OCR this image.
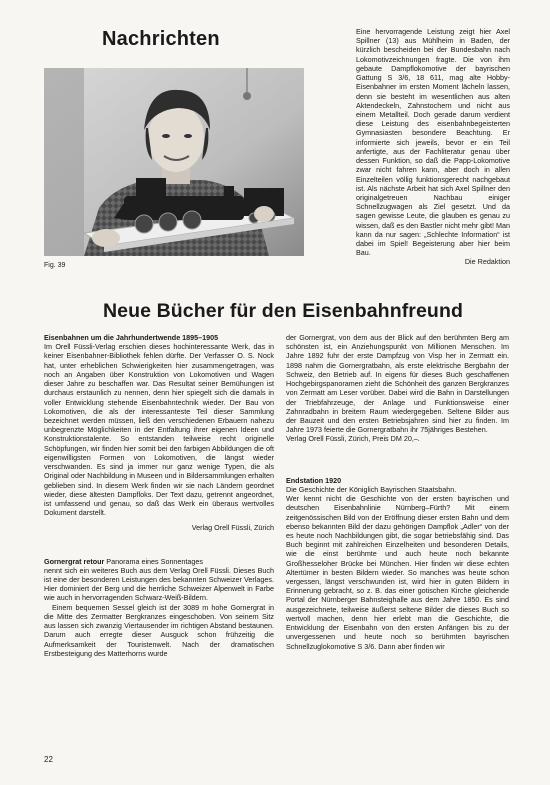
Nachrichten
Fig. 39

Eine hervorragende Leistung zeigt hier Axel Spillner (13) aus Mühlheim in Baden, der kürzlich bescheiden bei der Bundesbahn nach Lokomotivzeichnungen fragte. Die von ihm gebaute Dampflokomotive der bayrischen Gattung S 3/6, 18 611, mag alte Hobby-Eisenbahner im ersten Moment lächeln lassen, denn sie besteht im wesentlichen aus alten Aktendeckeln, Zahnstochern und nicht aus einem Metallteil. Doch gerade darum verdient diese Leistung des eisenbahnbegeisterten Gymnasiasten besondere Beachtung. Er informierte sich jeweils, bevor er ein Teil anfertigte, aus der Fachliteratur genau über dessen Funktion, so daß die Papp-Lokomotive zwar nicht fahren kann, aber doch in allen Einzelteilen völlig funktionsgerecht nachgebaut ist. Als nächste Arbeit hat sich Axel Spillner den originalgetreuen Nachbau einiger Schnellzugwagen als Ziel gesetzt. Und da sagen gewisse Leute, die glauben es genau zu wissen, daß es den Bastler nicht mehr gibt! Man kann da nur sagen: „Schlechte Information“ ist dabei im Spiel! Begeisterung aber hier beim Bau.

Die Redaktion

Neue Bücher für den Eisenbahnfreund

Eisenbahnen um die Jahrhundertwende 1895–1905

Im Orell Füssli-Verlag erschien dieses hochinteressante Werk, das in keiner Eisenbahner-Bibliothek fehlen dürfte. Der Verfasser O. S. Nock hat, unter erheblichen Schwierigkeiten hier zusammengetragen, was noch an Angaben über Konstruktion von Lokomotiven und Wagen dieser Jahre zu beschaffen war. Das Resultat seiner Bemühungen ist durchaus erstaunlich zu nennen, denn hier spiegelt sich die damals in voller Entwicklung stehende Eisenbahntechnik wieder. Der Bau von Lokomotiven, die als der interessanteste Teil dieser Sammlung bezeichnet werden müssen, ließ den verschiedenen Erbauern nahezu unbegrenzte Möglichkeiten in der Entfaltung ihrer eigenen Ideen und Konstruktionstalente. So entstanden teilweise recht originelle Schöpfungen, wir finden hier somit bei den farbigen Abbildungen die oft eigenwilligsten Formen von Lokomotiven, die längst wieder verschwanden. Es sind ja immer nur ganz wenige Typen, die als Original oder Nachbildung in Museen und in Bildersammlungen erhalten geblieben sind. In diesem Werk finden wir sie nach Ländern geordnet wieder, diese ältesten Dampfloks. Der Text dazu, getrennt angeordnet, ist umfassend und genau, so daß das Werk ein überaus wertvolles Dokument darstellt.

Verlag Orell Füssli, Zürich

Gornergrat retour Panorama eines Sonnentages

nennt sich ein weiteres Buch aus dem Verlag Orell Füssli. Dieses Buch ist eine der besonderen Leistungen des bekannten Schweizer Verlages. Hier dominiert der Berg und die herrliche Schweizer Alpenwelt in Farbe wie auch in hervorragenden Schwarz-Weiß-Bildern.

Einem bequemen Sessel gleich ist der 3089 m hohe Gornergrat in die Mitte des Zermatter Bergkranzes eingeschoben. Von seinem Sitz aus lassen sich zwanzig Viertausender im richtigen Abstand bestaunen. Darum auch erregte dieser Ausguck schon frühzeitig die Aufmerksamkeit der Touristenwelt. Nach der dramatischen Erstbesteigung des Matterhorns wurde

der Gornergrat, von dem aus der Blick auf den berühmten Berg am schönsten ist, ein Anziehungspunkt von Millionen Menschen. Im Jahre 1892 fuhr der erste Dampfzug von Visp her in Zermatt ein. 1898 nahm die Gornergratbahn, als erste elektrische Bergbahn der Schweiz, den Betrieb auf. In eigens für dieses Buch geschaffenen Hochgebirgspanoramen zieht die Schönheit des ganzen Bergkranzes von Zermatt am Leser vorüber. Dabei wird die Bahn in Darstellungen der Triebfahrzeuge, der Anlage und Funktionsweise einer Zahnradbahn in breitem Raum wiedergegeben. Seltene Bilder aus der Bauzeit und den ersten Betriebsjahren sind hier zu finden. Im Jahre 1973 feierte die Gornergratbahn ihr 75jähriges Bestehen.

Verlag Orell Füssli, Zürich, Preis DM 20,–.

Endstation 1920

Die Geschichte der Königlich Bayrischen Staatsbahn.

Wer kennt nicht die Geschichte von der ersten bayrischen und deutschen Eisenbahnlinie Nürnberg–Fürth? Mit einem zeitgenössischen Bild von der Eröffnung dieser ersten Bahn und dem ebenso bekannten Bild der dazu gehörigen Dampflok „Adler“ von der es heute noch Nachbildungen gibt, die sogar betriebsfähig sind. Das Buch beginnt mit zahlreichen Einzelheiten und besonderen Details, wie die einst berühmte und auch heute noch bekannte Großhesseloher Brücke bei München. Hier finden wir diese echten Altertümer in besten Bildern wieder. So manches was heute schon vergessen, längst verschwunden ist, wird hier in guten Bildern in Erinnerung gebracht, so z. B. das einer gotischen Kirche gleichende Portal der Nürnberger Bahnsteighalle aus dem Jahre 1850. Es sind ausgezeichnete, teilweise äußerst seltene Bilder die dieses Buch so wertvoll machen, denn hier erlebt man die Geschichte, die Entwicklung der Eisenbahn von den ersten Anfängen bis zu der unvergessenen und heute noch so berühmten bayrischen Schnellzuglokomotive S 3/6. Dann aber finden wir

22
